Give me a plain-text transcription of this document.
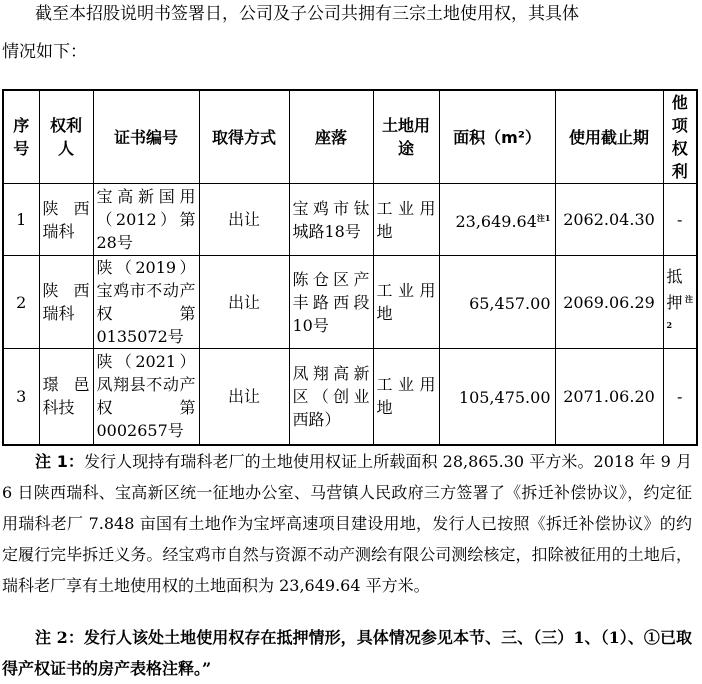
截至本招股说明书签署日，公司及子公司共拥有三宗土地使用权，其具体
情况如下：
序号	权利人	证书编号	取得方式	座落	土地用途	面积（m²）	使用截止期	他项权利
1	陕西瑞科	宝高新国用（2012）第28号	出让	宝鸡市钛城路18号	工业用地	23,649.64$^{注1}$	2062.04.30	-
2	陕西瑞科	陕（2019）宝鸡市不动产权第0135072号	出让	陈仓区产丰路西段10号	工业用地	65,457.00	2069.06.29	抵押$^{注2}$
3	璟邑科技	陕（2021）凤翔县不动产权第0002657号	出让	凤翔高新区（创业西路）	工业用地	105,475.00	2071.06.20	-
注 1：发行人现持有瑞科老厂的土地使用权证上所载面积 28,865.30 平方米。2018 年 9 月 6 日陕西瑞科、宝高新区统一征地办公室、马营镇人民政府三方签署了《拆迁补偿协议》，约定征用瑞科老厂 7.848 亩国有土地作为宝坪高速项目建设用地，发行人已按照《拆迁补偿协议》的约定履行完毕拆迁义务。经宝鸡市自然与资源不动产测绘有限公司测绘核定，扣除被征用的土地后，瑞科老厂享有土地使用权的土地面积为 23,649.64 平方米。
注 2：发行人该处土地使用权存在抵押情形，具体情况参见本节、三、（三）1、（1）、①已取得产权证书的房产表格注释。”
